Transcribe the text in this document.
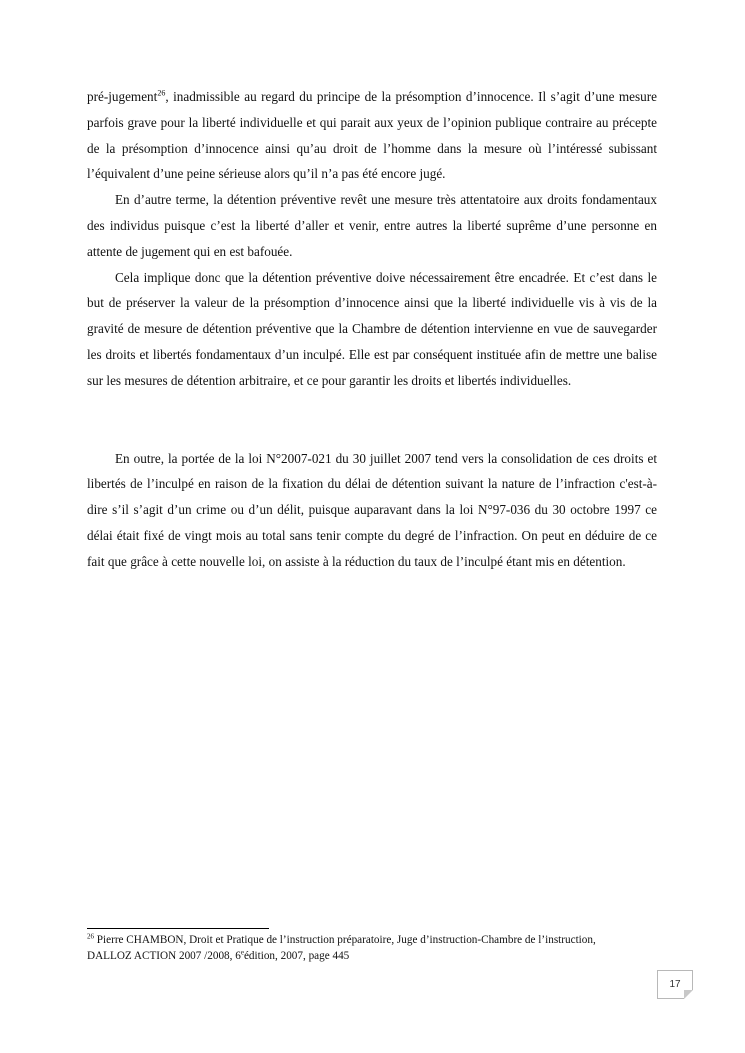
pré-jugement$^{26}$, inadmissible au regard du principe de la présomption d’innocence. Il s’agit d’une mesure parfois grave pour la liberté individuelle et qui parait aux yeux de l’opinion publique contraire au précepte de la présomption d’innocence ainsi qu’au droit de l’homme dans la mesure où l’intéressé subissant l’équivalent d’une peine sérieuse alors qu’il n’a pas été encore jugé.

En d’autre terme, la détention préventive revêt une mesure très attentatoire aux droits fondamentaux des individus puisque c’est la liberté d’aller et venir, entre autres la liberté suprême d’une personne en attente de jugement qui en est bafouée.

Cela implique donc que la détention préventive doive nécessairement être encadrée. Et c’est dans le but de préserver la valeur de la présomption d’innocence ainsi que la liberté individuelle vis à vis de la gravité de mesure de détention préventive que la Chambre de détention intervienne en vue de sauvegarder les droits et libertés fondamentaux d’un inculpé. Elle est par conséquent instituée afin de mettre une balise sur les mesures de détention arbitraire, et ce pour garantir les droits et libertés individuelles.

En outre, la portée de la loi N°2007-021 du 30 juillet 2007 tend vers la consolidation de ces droits et libertés de l’inculpé en raison de la fixation du délai de détention suivant la nature de l’infraction c'est-à-dire s’il s’agit d’un crime ou d’un délit, puisque auparavant dans la loi N°97-036 du 30 octobre 1997 ce délai était fixé de vingt mois au total sans tenir compte du degré de l’infraction. On peut en déduire de ce fait que grâce à cette nouvelle loi, on assiste à la réduction du taux de l’inculpé étant mis en détention.

$^{26}$ Pierre CHAMBON, Droit et Pratique de l’instruction préparatoire, Juge d’instruction-Chambre de l’instruction, DALLOZ ACTION 2007 /2008, 6eédition, 2007, page 445

17
